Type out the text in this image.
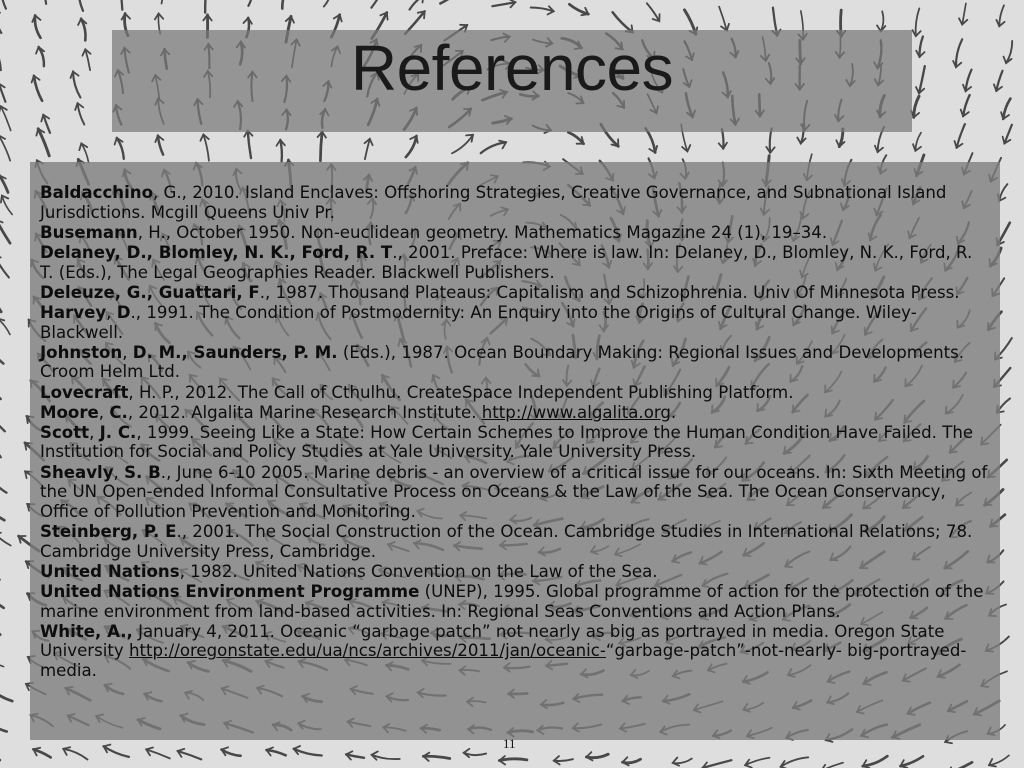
References
Baldacchino, G., 2010. Island Enclaves: Offshoring Strategies, Creative Governance, and Subnational Island Jurisdictions. Mcgill Queens Univ Pr.
Busemann, H., October 1950. Non-euclidean geometry. Mathematics Magazine 24 (1), 19–34.
Delaney, D., Blomley, N. K., Ford, R. T., 2001. Preface: Where is law. In: Delaney, D., Blomley, N. K., Ford, R. T. (Eds.), The Legal Geographies Reader. Blackwell Publishers.
Deleuze, G., Guattari, F., 1987. Thousand Plateaus: Capitalism and Schizophrenia. Univ Of Minnesota Press.
Harvey, D., 1991. The Condition of Postmodernity: An Enquiry into the Origins of Cultural Change. Wiley-Blackwell.
Johnston, D. M., Saunders, P. M. (Eds.), 1987. Ocean Boundary Making: Regional Issues and Developments. Croom Helm Ltd.
Lovecraft, H. P., 2012. The Call of Cthulhu. CreateSpace Independent Publishing Platform.
Moore, C., 2012. Algalita Marine Research Institute. http://www.algalita.org.
Scott, J. C., 1999. Seeing Like a State: How Certain Schemes to Improve the Human Condition Have Failed. The Institution for Social and Policy Studies at Yale University. Yale University Press.
Sheavly, S. B., June 6-10 2005. Marine debris - an overview of a critical issue for our oceans. In: Sixth Meeting of the UN Open-ended Informal Consultative Process on Oceans & the Law of the Sea. The Ocean Conservancy, Office of Pollution Prevention and Monitoring.
Steinberg, P. E., 2001. The Social Construction of the Ocean. Cambridge Studies in International Relations; 78. Cambridge University Press, Cambridge.
United Nations, 1982. United Nations Convention on the Law of the Sea.
United Nations Environment Programme (UNEP), 1995. Global programme of action for the protection of the marine environment from land-based activities. In: Regional Seas Conventions and Action Plans.
White, A., January 4, 2011. Oceanic “garbage patch” not nearly as big as portrayed in media. Oregon State University http://oregonstate.edu/ua/ncs/archives/2011/jan/oceanic-“garbage-patch”-not-nearly- big-portrayed-media.
11
